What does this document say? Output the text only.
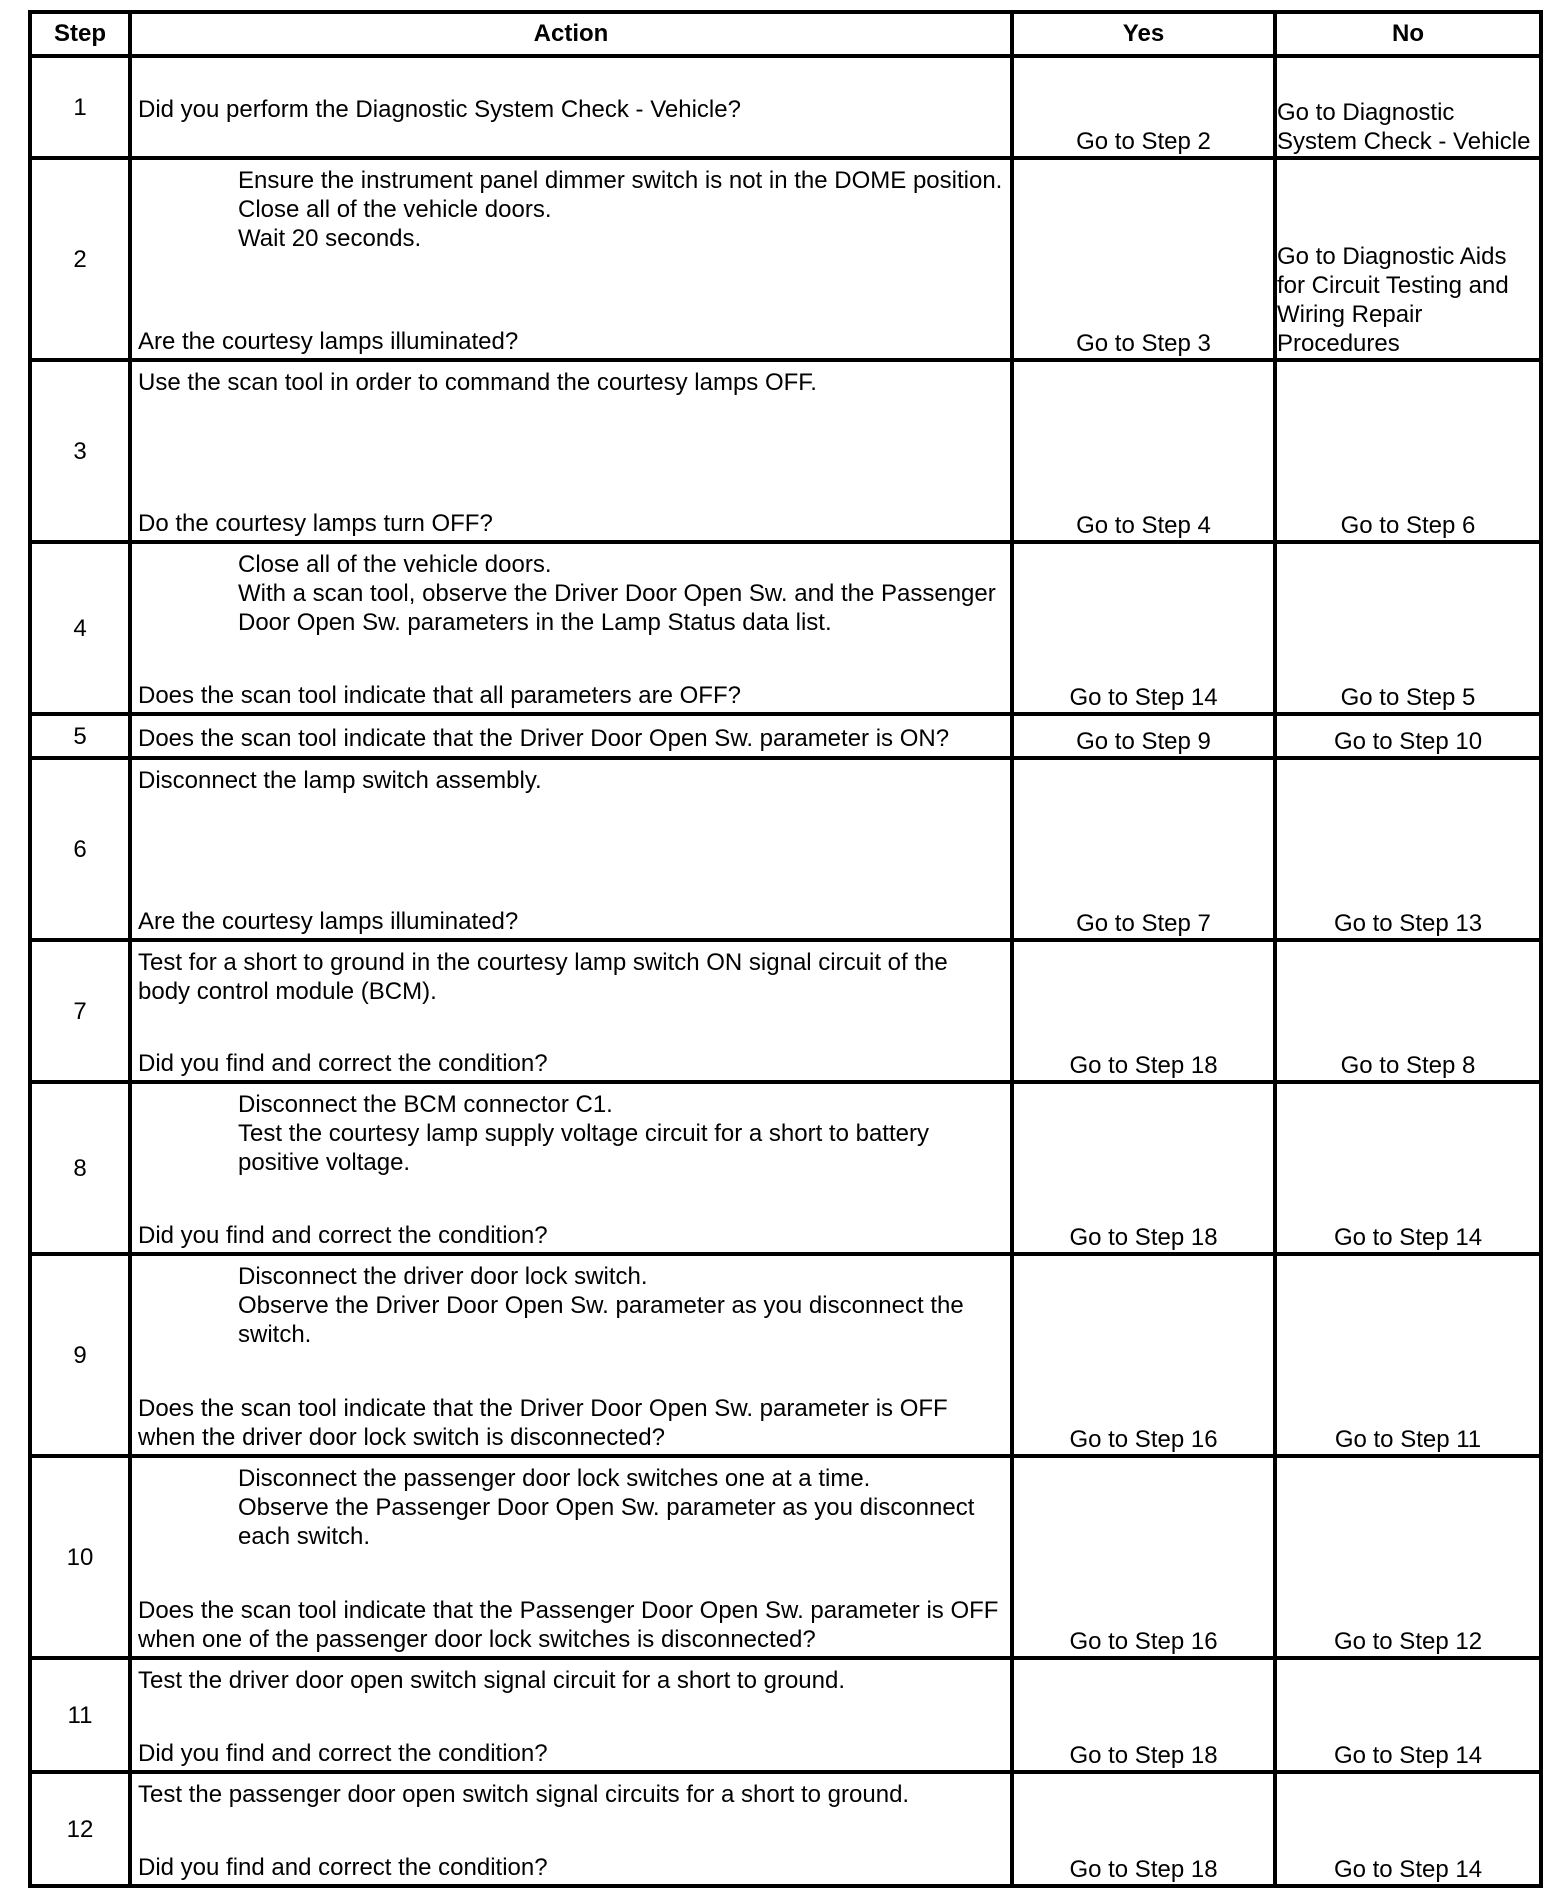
Step	Action	Yes	No
1	Did you perform the Diagnostic System Check - Vehicle?	Go to Step 2	Go to Diagnostic System Check - Vehicle
2	Ensure the instrument panel dimmer switch is not in the DOME position.
Close all of the vehicle doors.
Wait 20 seconds.
Are the courtesy lamps illuminated?	Go to Step 3	Go to Diagnostic Aids for Circuit Testing and Wiring Repair Procedures
3	Use the scan tool in order to command the courtesy lamps OFF.
Do the courtesy lamps turn OFF?	Go to Step 4	Go to Step 6
4	Close all of the vehicle doors.
With a scan tool, observe the Driver Door Open Sw. and the Passenger Door Open Sw. parameters in the Lamp Status data list.
Does the scan tool indicate that all parameters are OFF?	Go to Step 14	Go to Step 5
5	Does the scan tool indicate that the Driver Door Open Sw. parameter is ON?	Go to Step 9	Go to Step 10
6	Disconnect the lamp switch assembly.
Are the courtesy lamps illuminated?	Go to Step 7	Go to Step 13
7	Test for a short to ground in the courtesy lamp switch ON signal circuit of the body control module (BCM).
Did you find and correct the condition?	Go to Step 18	Go to Step 8
8	Disconnect the BCM connector C1.
Test the courtesy lamp supply voltage circuit for a short to battery positive voltage.
Did you find and correct the condition?	Go to Step 18	Go to Step 14
9	Disconnect the driver door lock switch.
Observe the Driver Door Open Sw. parameter as you disconnect the switch.
Does the scan tool indicate that the Driver Door Open Sw. parameter is OFF when the driver door lock switch is disconnected?	Go to Step 16	Go to Step 11
10	Disconnect the passenger door lock switches one at a time.
Observe the Passenger Door Open Sw. parameter as you disconnect each switch.
Does the scan tool indicate that the Passenger Door Open Sw. parameter is OFF when one of the passenger door lock switches is disconnected?	Go to Step 16	Go to Step 12
11	Test the driver door open switch signal circuit for a short to ground.
Did you find and correct the condition?	Go to Step 18	Go to Step 14
12	Test the passenger door open switch signal circuits for a short to ground.
Did you find and correct the condition?	Go to Step 18	Go to Step 14
